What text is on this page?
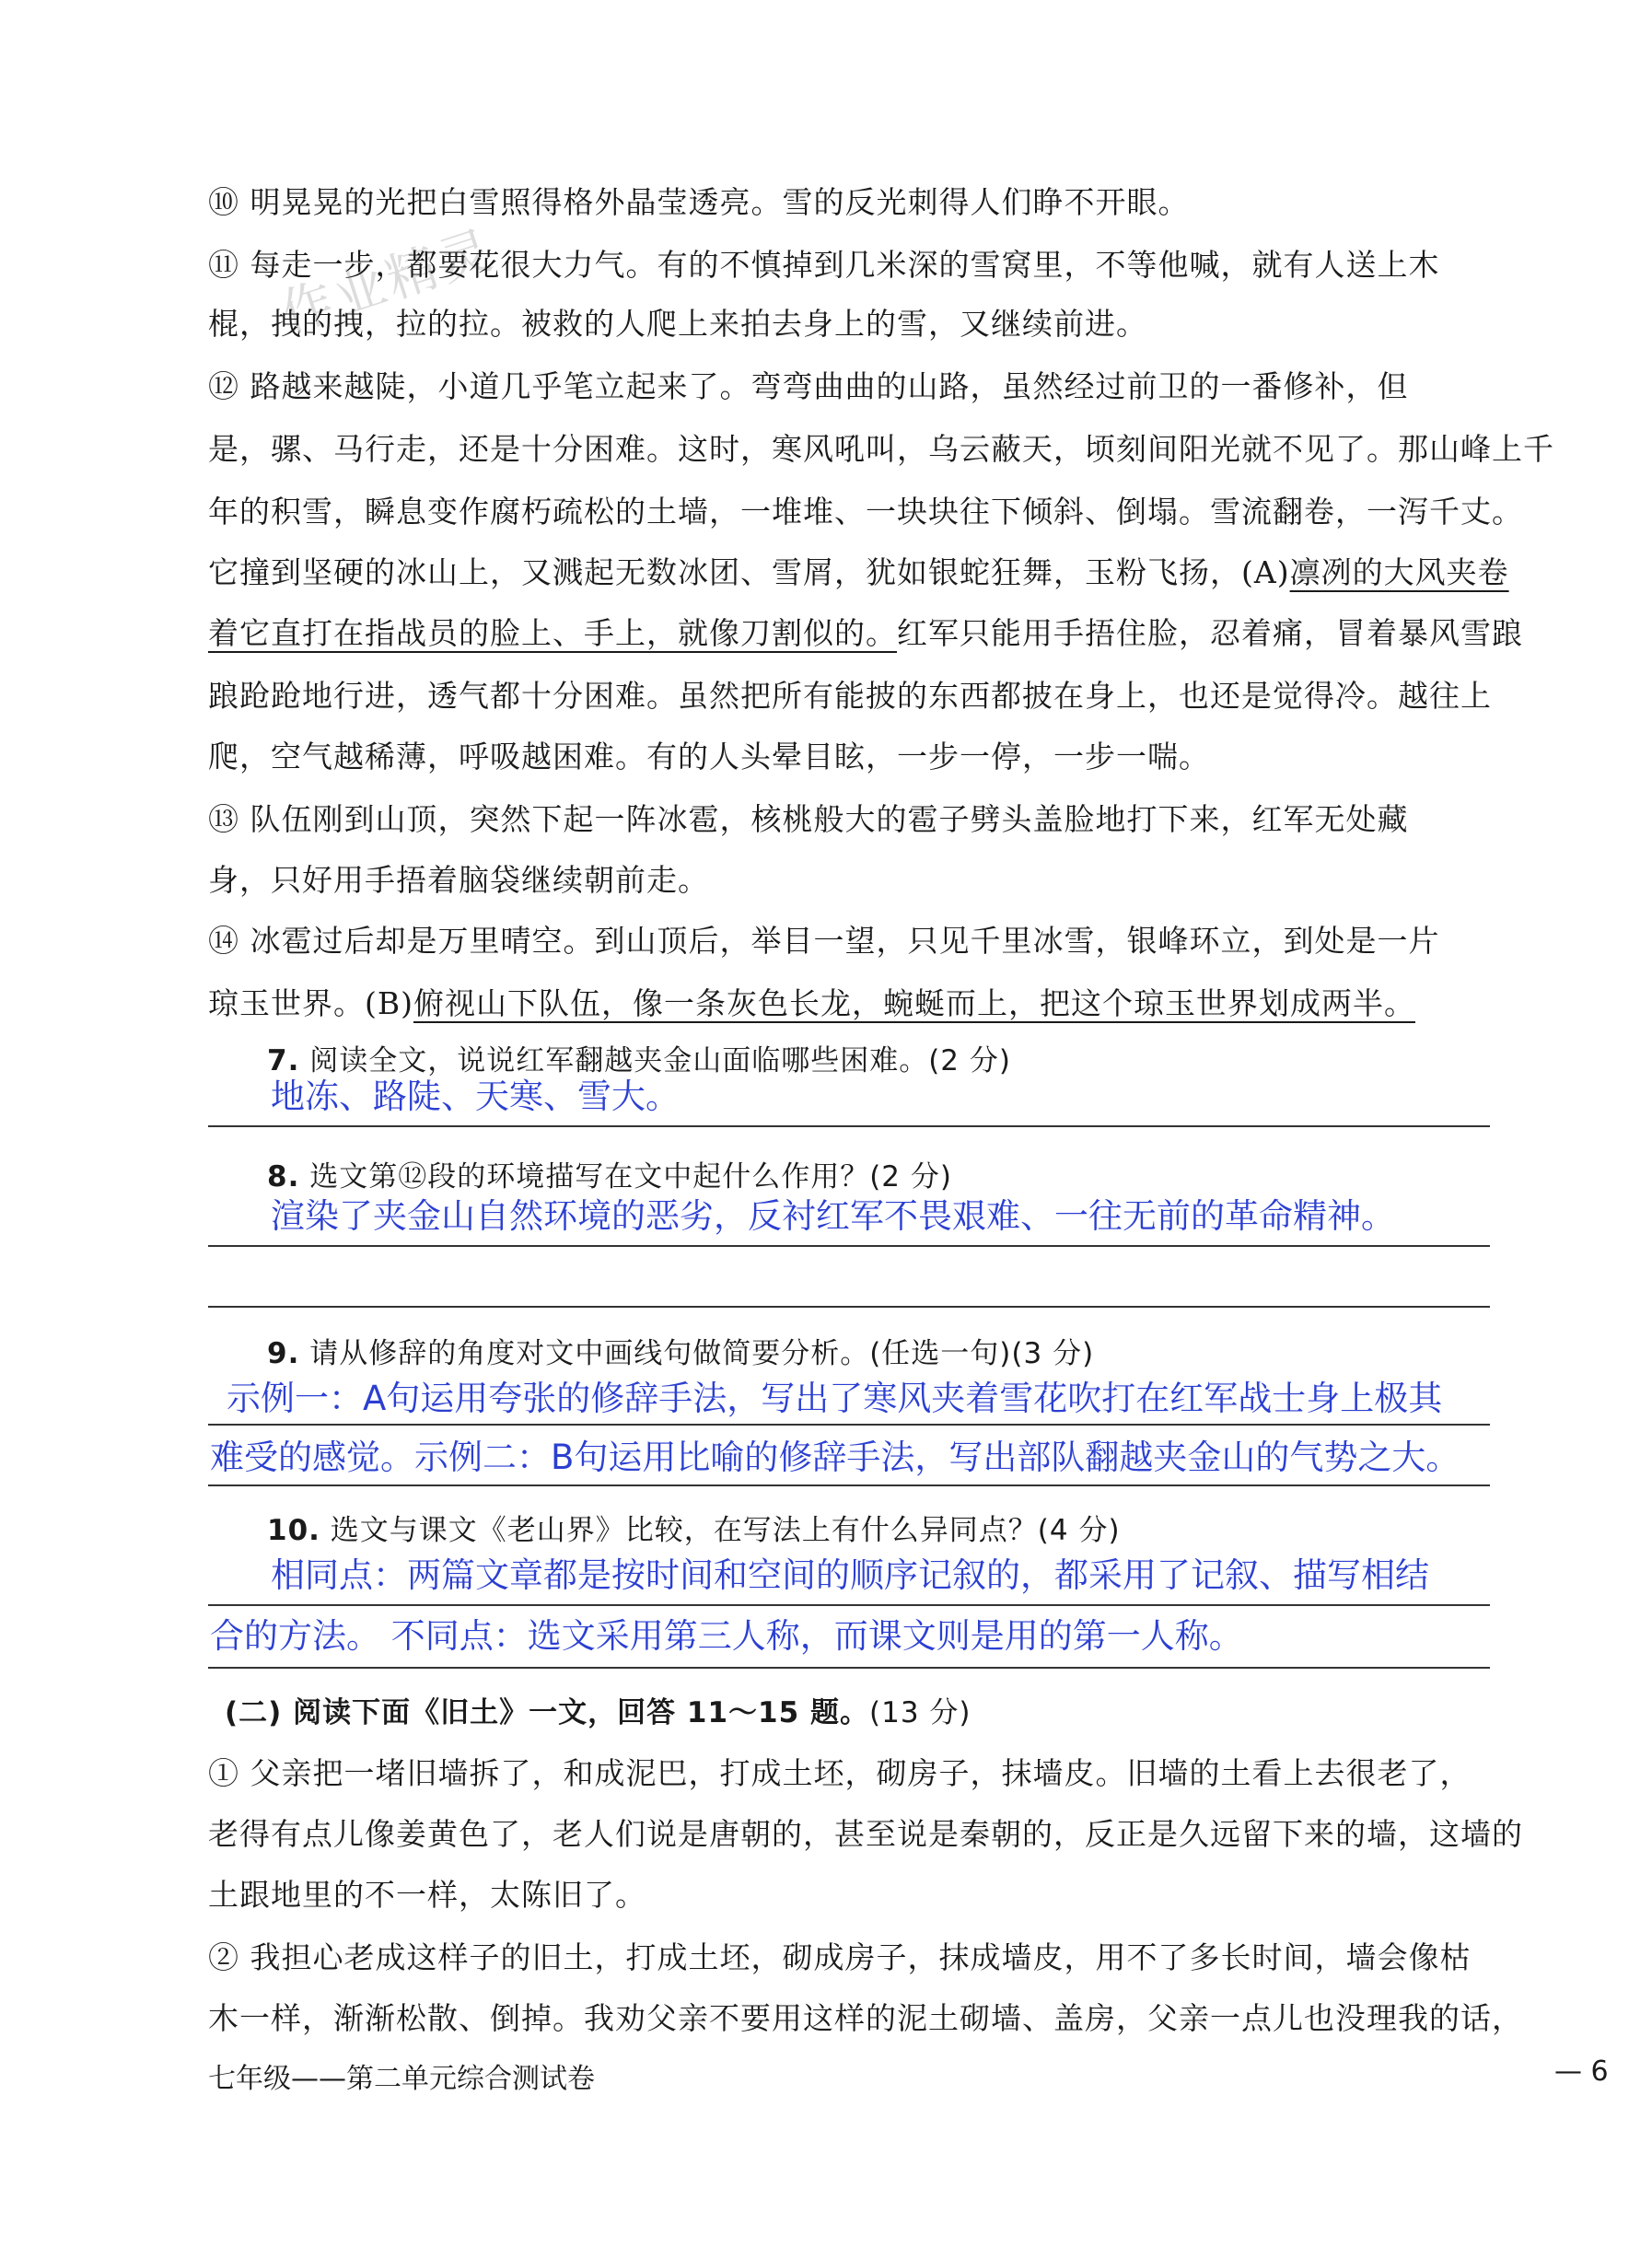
作业精灵
⑩ 明晃晃的光把白雪照得格外晶莹透亮。雪的反光刺得人们睁不开眼。
⑪ 每走一步，都要花很大力气。有的不慎掉到几米深的雪窝里，不等他喊，就有人送上木
棍，拽的拽，拉的拉。被救的人爬上来拍去身上的雪，又继续前进。
⑫ 路越来越陡，小道几乎笔立起来了。弯弯曲曲的山路，虽然经过前卫的一番修补，但
是，骡、马行走，还是十分困难。这时，寒风吼叫，乌云蔽天，顷刻间阳光就不见了。那山峰上千
年的积雪，瞬息变作腐朽疏松的土墙，一堆堆、一块块往下倾斜、倒塌。雪流翻卷，一泻千丈。
它撞到坚硬的冰山上，又溅起无数冰团、雪屑，犹如银蛇狂舞，玉粉飞扬，(A)凛冽的大风夹卷
着它直打在指战员的脸上、手上，就像刀割似的。红军只能用手捂住脸，忍着痛，冒着暴风雪踉
踉跄跄地行进，透气都十分困难。虽然把所有能披的东西都披在身上，也还是觉得冷。越往上
爬，空气越稀薄，呼吸越困难。有的人头晕目眩，一步一停，一步一喘。
⑬ 队伍刚到山顶，突然下起一阵冰雹，核桃般大的雹子劈头盖脸地打下来，红军无处藏
身，只好用手捂着脑袋继续朝前走。
⑭ 冰雹过后却是万里晴空。到山顶后，举目一望，只见千里冰雪，银峰环立，到处是一片
琼玉世界。(B)俯视山下队伍，像一条灰色长龙，蜿蜒而上，把这个琼玉世界划成两半。
7. 阅读全文，说说红军翻越夹金山面临哪些困难。(2 分)
地冻、路陡、天寒、雪大。
8. 选文第⑫段的环境描写在文中起什么作用？(2 分)
渲染了夹金山自然环境的恶劣，反衬红军不畏艰难、一往无前的革命精神。
9. 请从修辞的角度对文中画线句做简要分析。(任选一句)(3 分)
示例一：A句运用夸张的修辞手法，写出了寒风夹着雪花吹打在红军战士身上极其
难受的感觉。示例二：B句运用比喻的修辞手法，写出部队翻越夹金山的气势之大。
10. 选文与课文《老山界》比较，在写法上有什么异同点？(4 分)
相同点：两篇文章都是按时间和空间的顺序记叙的，都采用了记叙、描写相结
合的方法。 不同点：选文采用第三人称，而课文则是用的第一人称。
(二) 阅读下面《旧土》一文，回答 11～15 题。(13 分)
① 父亲把一堵旧墙拆了，和成泥巴，打成土坯，砌房子，抹墙皮。旧墙的土看上去很老了，
老得有点儿像姜黄色了，老人们说是唐朝的，甚至说是秦朝的，反正是久远留下来的墙，这墙的
土跟地里的不一样，太陈旧了。
② 我担心老成这样子的旧土，打成土坯，砌成房子，抹成墙皮，用不了多长时间，墙会像枯
木一样，渐渐松散、倒掉。我劝父亲不要用这样的泥土砌墙、盖房，父亲一点儿也没理我的话，
七年级——第二单元综合测试卷	— 6
